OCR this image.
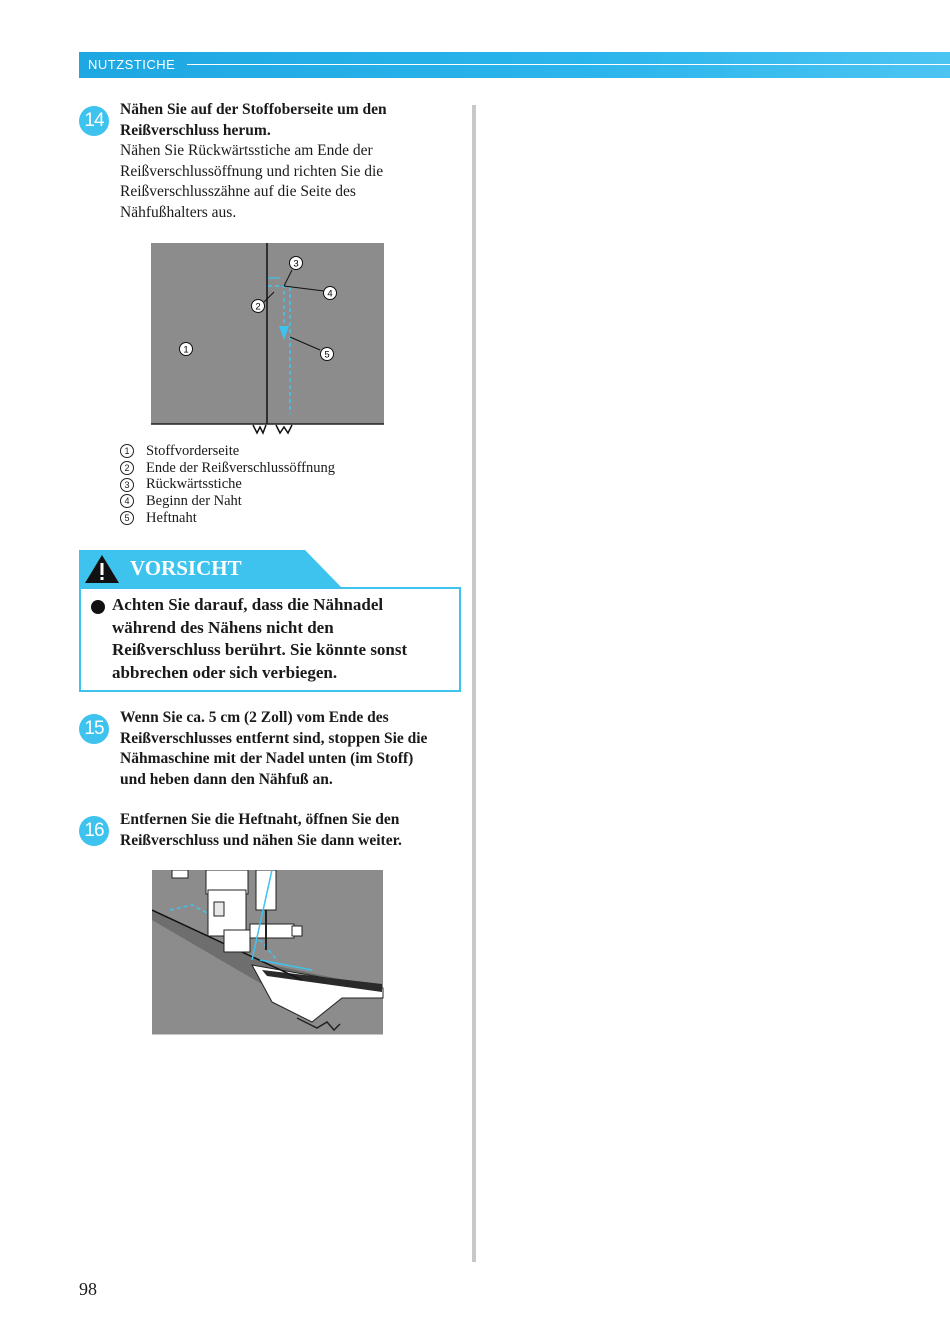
NUTZSTICHE
14
Nähen Sie auf der Stoffoberseite um den
Reißverschluss herum.
Nähen Sie Rückwärtsstiche am Ende der
Reißverschlussöffnung und richten Sie die
Reißverschlusszähne auf die Seite des
Nähfußhalters aus.
3
4
2
1	5
1	Stoffvorderseite
2	Ende der Reißverschlussöffnung
3	Rückwärtsstiche
4	Beginn der Naht
5	Heftnaht
VORSICHT
Achten Sie darauf, dass die Nähnadel
während des Nähens nicht den
Reißverschluss berührt. Sie könnte sonst
abbrechen oder sich verbiegen.
15
Wenn Sie ca. 5 cm (2 Zoll) vom Ende des
Reißverschlusses entfernt sind, stoppen Sie die
Nähmaschine mit der Nadel unten (im Stoff)
und heben dann den Nähfuß an.
16
Entfernen Sie die Heftnaht, öffnen Sie den
Reißverschluss und nähen Sie dann weiter.
98
